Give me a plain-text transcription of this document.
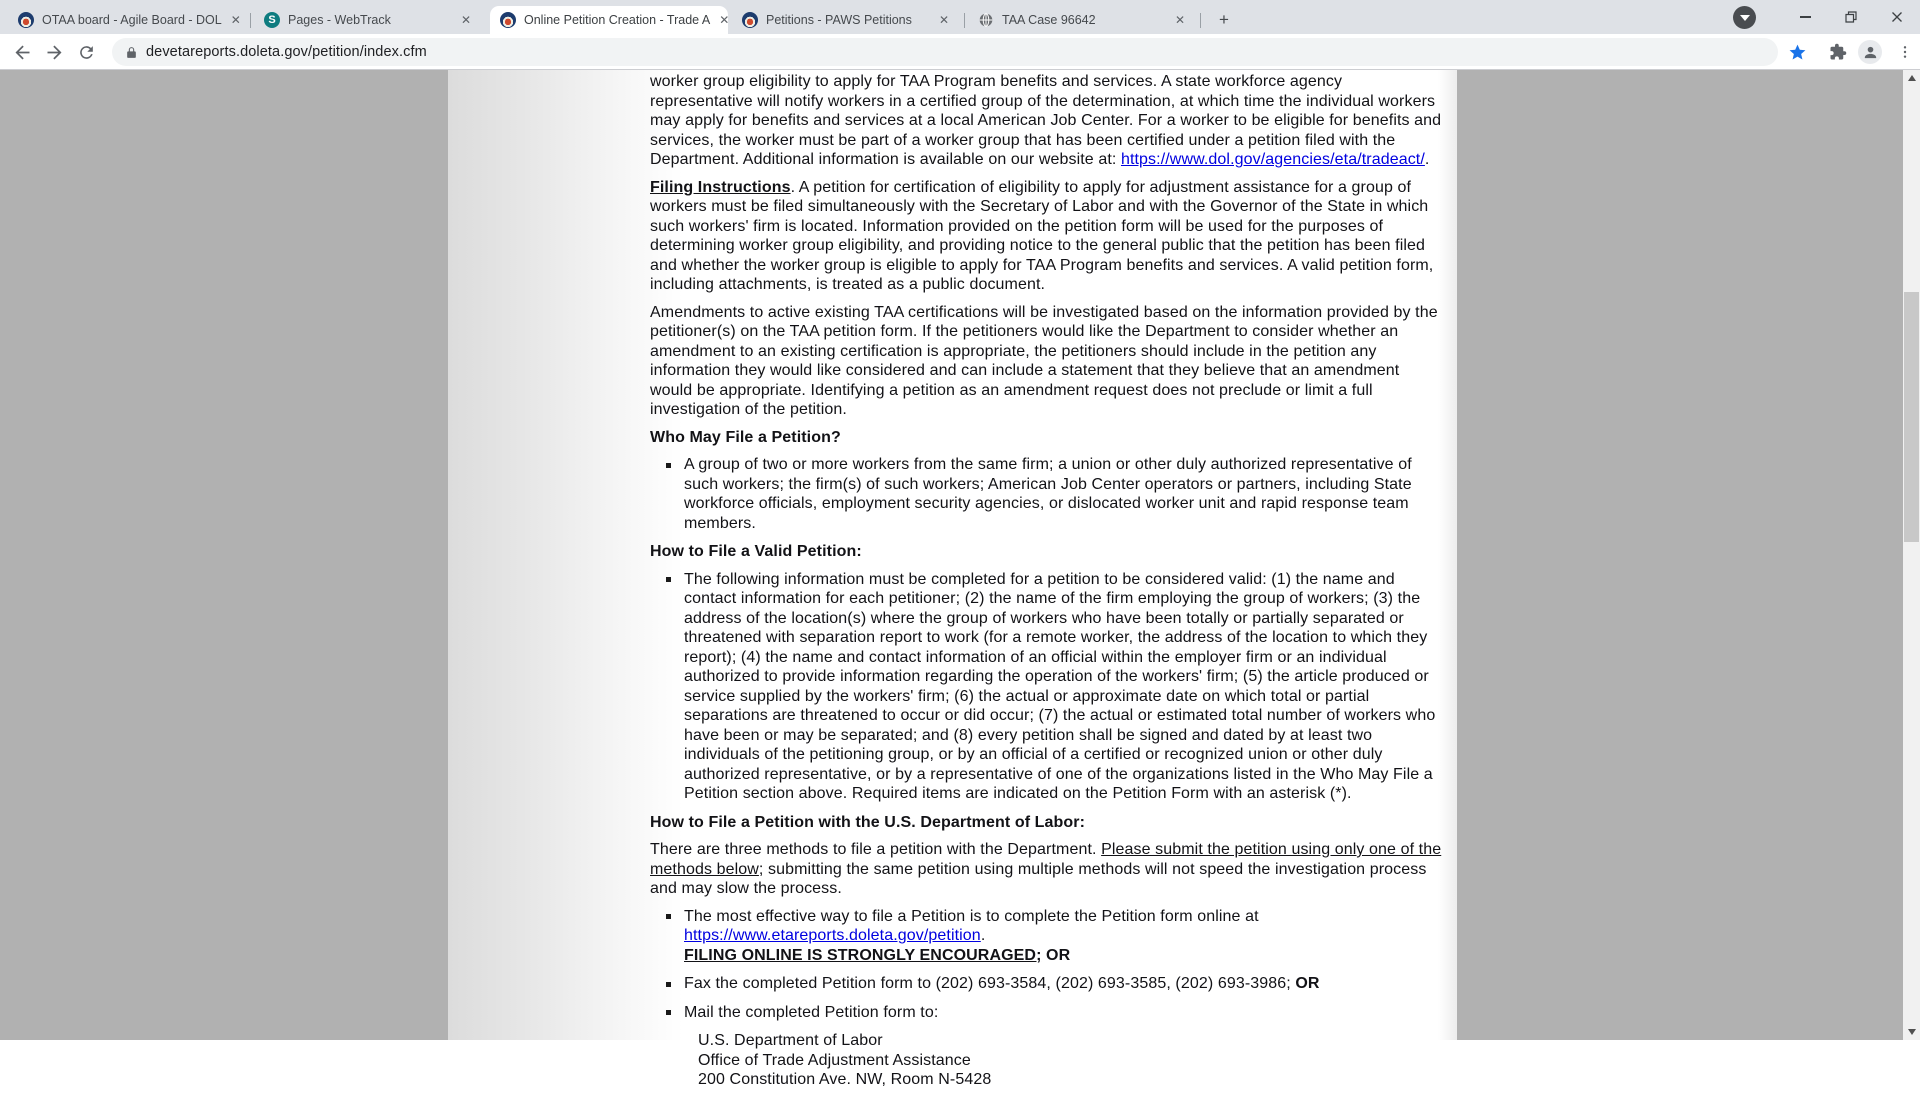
OTAA board - Agile Board - DOL ✕	S Pages - WebTrack	✕	Online Petition Creation - Trade A ✕	Petitions - PAWS Petitions	✕	TAA Case 96642	✕	+
devetareports.doleta.gov/petition/index.cfm

worker group eligibility to apply for TAA Program benefits and services. A state workforce agency representative will notify workers in a certified group of the determination, at which time the individual workers may apply for benefits and services at a local American Job Center. For a worker to be eligible for benefits and services, the worker must be part of a worker group that has been certified under a petition filed with the Department. Additional information is available on our website at: https://www.dol.gov/agencies/eta/tradeact/.

Filing Instructions. A petition for certification of eligibility to apply for adjustment assistance for a group of workers must be filed simultaneously with the Secretary of Labor and with the Governor of the State in which such workers' firm is located. Information provided on the petition form will be used for the purposes of determining worker group eligibility, and providing notice to the general public that the petition has been filed and whether the worker group is eligible to apply for TAA Program benefits and services. A valid petition form, including attachments, is treated as a public document.

Amendments to active existing TAA certifications will be investigated based on the information provided by the petitioner(s) on the TAA petition form. If the petitioners would like the Department to consider whether an amendment to an existing certification is appropriate, the petitioners should include in the petition any information they would like considered and can include a statement that they believe that an amendment would be appropriate. Identifying a petition as an amendment request does not preclude or limit a full investigation of the petition.

Who May File a Petition?

A group of two or more workers from the same firm; a union or other duly authorized representative of such workers; the firm(s) of such workers; American Job Center operators or partners, including State workforce officials, employment security agencies, or dislocated worker unit and rapid response team members.

How to File a Valid Petition:

The following information must be completed for a petition to be considered valid: (1) the name and contact information for each petitioner; (2) the name of the firm employing the group of workers; (3) the address of the location(s) where the group of workers who have been totally or partially separated or threatened with separation report to work (for a remote worker, the address of the location to which they report); (4) the name and contact information of an official within the employer firm or an individual authorized to provide information regarding the operation of the workers' firm; (5) the article produced or service supplied by the workers' firm; (6) the actual or approximate date on which total or partial separations are threatened to occur or did occur; (7) the actual or estimated total number of workers who have been or may be separated; and (8) every petition shall be signed and dated by at least two individuals of the petitioning group, or by an official of a certified or recognized union or other duly authorized representative, or by a representative of one of the organizations listed in the Who May File a Petition section above. Required items are indicated on the Petition Form with an asterisk (*).

How to File a Petition with the U.S. Department of Labor:

There are three methods to file a petition with the Department. Please submit the petition using only one of the methods below; submitting the same petition using multiple methods will not speed the investigation process and may slow the process.

The most effective way to file a Petition is to complete the Petition form online at
https://www.etareports.doleta.gov/petition.
FILING ONLINE IS STRONGLY ENCOURAGED; OR
Fax the completed Petition form to (202) 693-3584, (202) 693-3585, (202) 693-3986; OR
Mail the completed Petition form to:
U.S. Department of Labor
Office of Trade Adjustment Assistance
200 Constitution Ave. NW, Room N-5428
